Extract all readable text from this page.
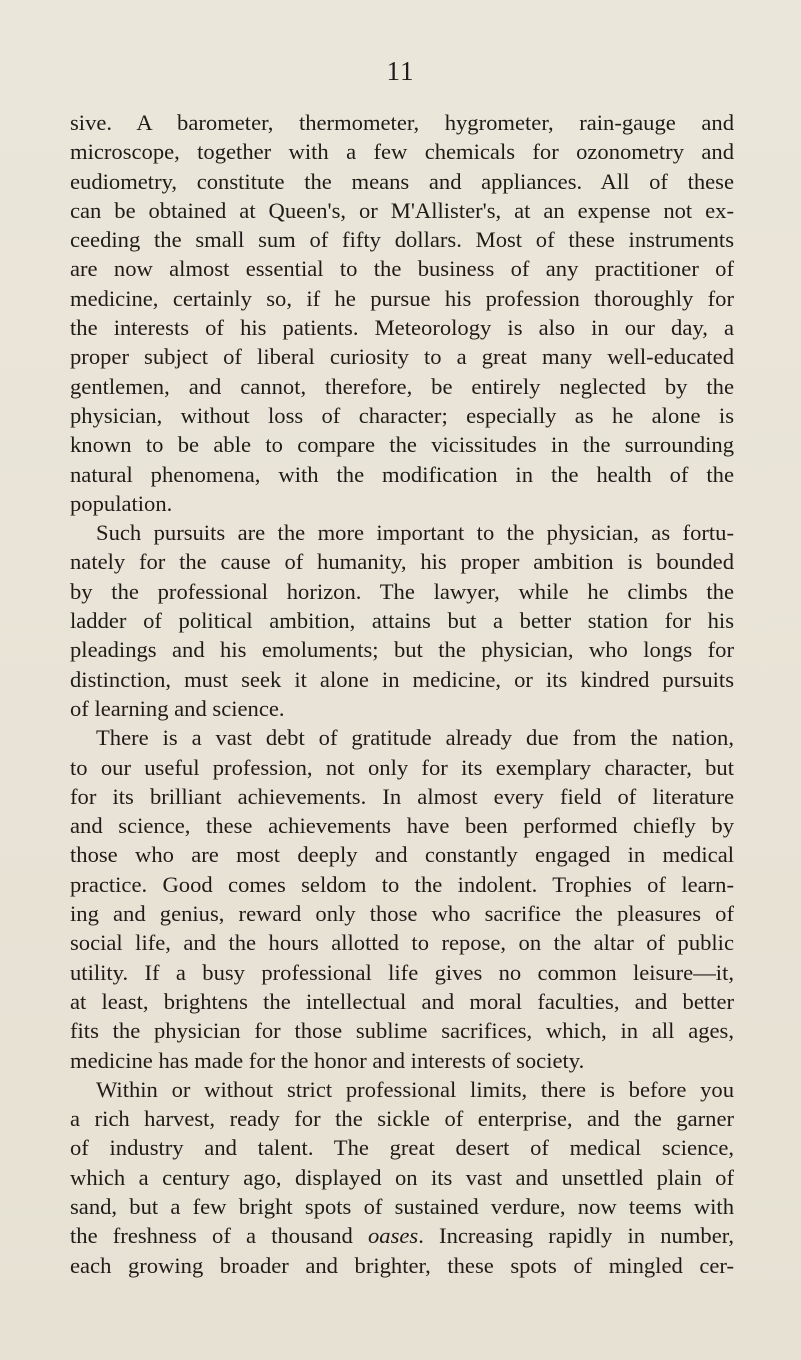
11
sive. A barometer, thermometer, hygrometer, rain-gauge and
microscope, together with a few chemicals for ozonometry and
eudiometry, constitute the means and appliances. All of these
can be obtained at Queen's, or M'Allister's, at an expense not ex-
ceeding the small sum of fifty dollars. Most of these instruments
are now almost essential to the business of any practitioner of
medicine, certainly so, if he pursue his profession thoroughly for
the interests of his patients. Meteorology is also in our day, a
proper subject of liberal curiosity to a great many well-educated
gentlemen, and cannot, therefore, be entirely neglected by the
physician, without loss of character; especially as he alone is
known to be able to compare the vicissitudes in the surrounding
natural phenomena, with the modification in the health of the
population.
Such pursuits are the more important to the physician, as fortu-
nately for the cause of humanity, his proper ambition is bounded
by the professional horizon. The lawyer, while he climbs the
ladder of political ambition, attains but a better station for his
pleadings and his emoluments; but the physician, who longs for
distinction, must seek it alone in medicine, or its kindred pursuits
of learning and science.
There is a vast debt of gratitude already due from the nation,
to our useful profession, not only for its exemplary character, but
for its brilliant achievements. In almost every field of literature
and science, these achievements have been performed chiefly by
those who are most deeply and constantly engaged in medical
practice. Good comes seldom to the indolent. Trophies of learn-
ing and genius, reward only those who sacrifice the pleasures of
social life, and the hours allotted to repose, on the altar of public
utility. If a busy professional life gives no common leisure—it,
at least, brightens the intellectual and moral faculties, and better
fits the physician for those sublime sacrifices, which, in all ages,
medicine has made for the honor and interests of society.
Within or without strict professional limits, there is before you
a rich harvest, ready for the sickle of enterprise, and the garner
of industry and talent. The great desert of medical science,
which a century ago, displayed on its vast and unsettled plain of
sand, but a few bright spots of sustained verdure, now teems with
the freshness of a thousand oases. Increasing rapidly in number,
each growing broader and brighter, these spots of mingled cer-
